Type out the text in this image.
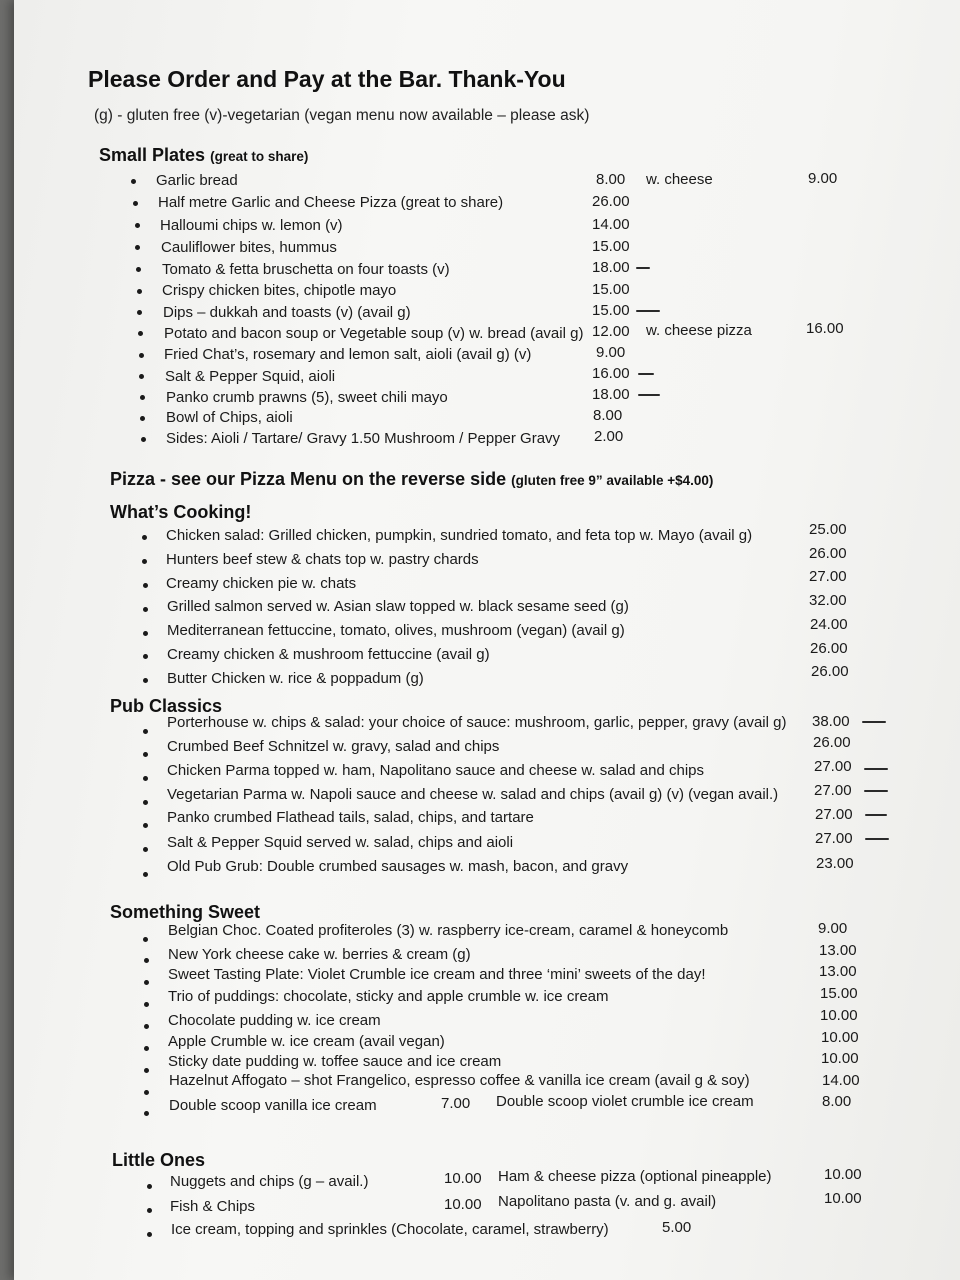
Please Order and Pay at the Bar. Thank-You
(g) - gluten free (v)-vegetarian (vegan menu now available – please ask)
Small Plates (great to share)
Garlic bread	8.00 w. cheese	9.00
Half metre Garlic and Cheese Pizza (great to share)	26.00
Halloumi chips w. lemon (v)	14.00
Cauliflower bites, hummus	15.00
Tomato & fetta bruschetta on four toasts (v)	18.00
Crispy chicken bites, chipotle mayo	15.00
Dips – dukkah and toasts (v) (avail g)	15.00
Potato and bacon soup or Vegetable soup (v) w. bread (avail g) 12.00 w. cheese pizza	16.00
Fried Chat’s, rosemary and lemon salt, aioli (avail g) (v)	9.00
Salt & Pepper Squid, aioli	16.00
Panko crumb prawns (5), sweet chili mayo	18.00
Bowl of Chips, aioli	8.00
Sides: Aioli / Tartare/ Gravy 1.50 Mushroom / Pepper Gravy 2.00
Pizza - see our Pizza Menu on the reverse side (gluten free 9” available +$4.00)
What’s Cooking!
Chicken salad: Grilled chicken, pumpkin, sundried tomato, and feta top w. Mayo (avail g)	25.00
Hunters beef stew & chats top w. pastry chards	26.00
Creamy chicken pie w. chats	27.00
Grilled salmon served w. Asian slaw topped w. black sesame seed (g)	32.00
Mediterranean fettuccine, tomato, olives, mushroom (vegan) (avail g)	24.00
Creamy chicken & mushroom fettuccine (avail g)	26.00
Butter Chicken w. rice & poppadum (g)	26.00
Pub Classics
Porterhouse w. chips & salad: your choice of sauce: mushroom, garlic, pepper, gravy (avail g) 38.00
Crumbed Beef Schnitzel w. gravy, salad and chips	26.00
Chicken Parma topped w. ham, Napolitano sauce and cheese w. salad and chips	27.00
Vegetarian Parma w. Napoli sauce and cheese w. salad and chips (avail g) (v) (vegan avail.) 27.00
Panko crumbed Flathead tails, salad, chips, and tartare	27.00
Salt & Pepper Squid served w. salad, chips and aioli	27.00
Old Pub Grub: Double crumbed sausages w. mash, bacon, and gravy	23.00
Something Sweet
Belgian Choc. Coated profiteroles (3) w. raspberry ice-cream, caramel & honeycomb	9.00
New York cheese cake w. berries & cream (g)	13.00
Sweet Tasting Plate: Violet Crumble ice cream and three ‘mini’ sweets of the day!	13.00
Trio of puddings: chocolate, sticky and apple crumble w. ice cream	15.00
Chocolate pudding w. ice cream	10.00
Apple Crumble w. ice cream (avail vegan)	10.00
Sticky date pudding w. toffee sauce and ice cream	10.00
Hazelnut Affogato – shot Frangelico, espresso coffee & vanilla ice cream (avail g & soy)	14.00
Double scoop vanilla ice cream	7.00 Double scoop violet crumble ice cream	8.00
Little Ones
Nuggets and chips (g – avail.)	10.00 Ham & cheese pizza (optional pineapple)	10.00
Fish & Chips	10.00 Napolitano pasta (v. and g. avail)	10.00
Ice cream, topping and sprinkles (Chocolate, caramel, strawberry)	5.00
